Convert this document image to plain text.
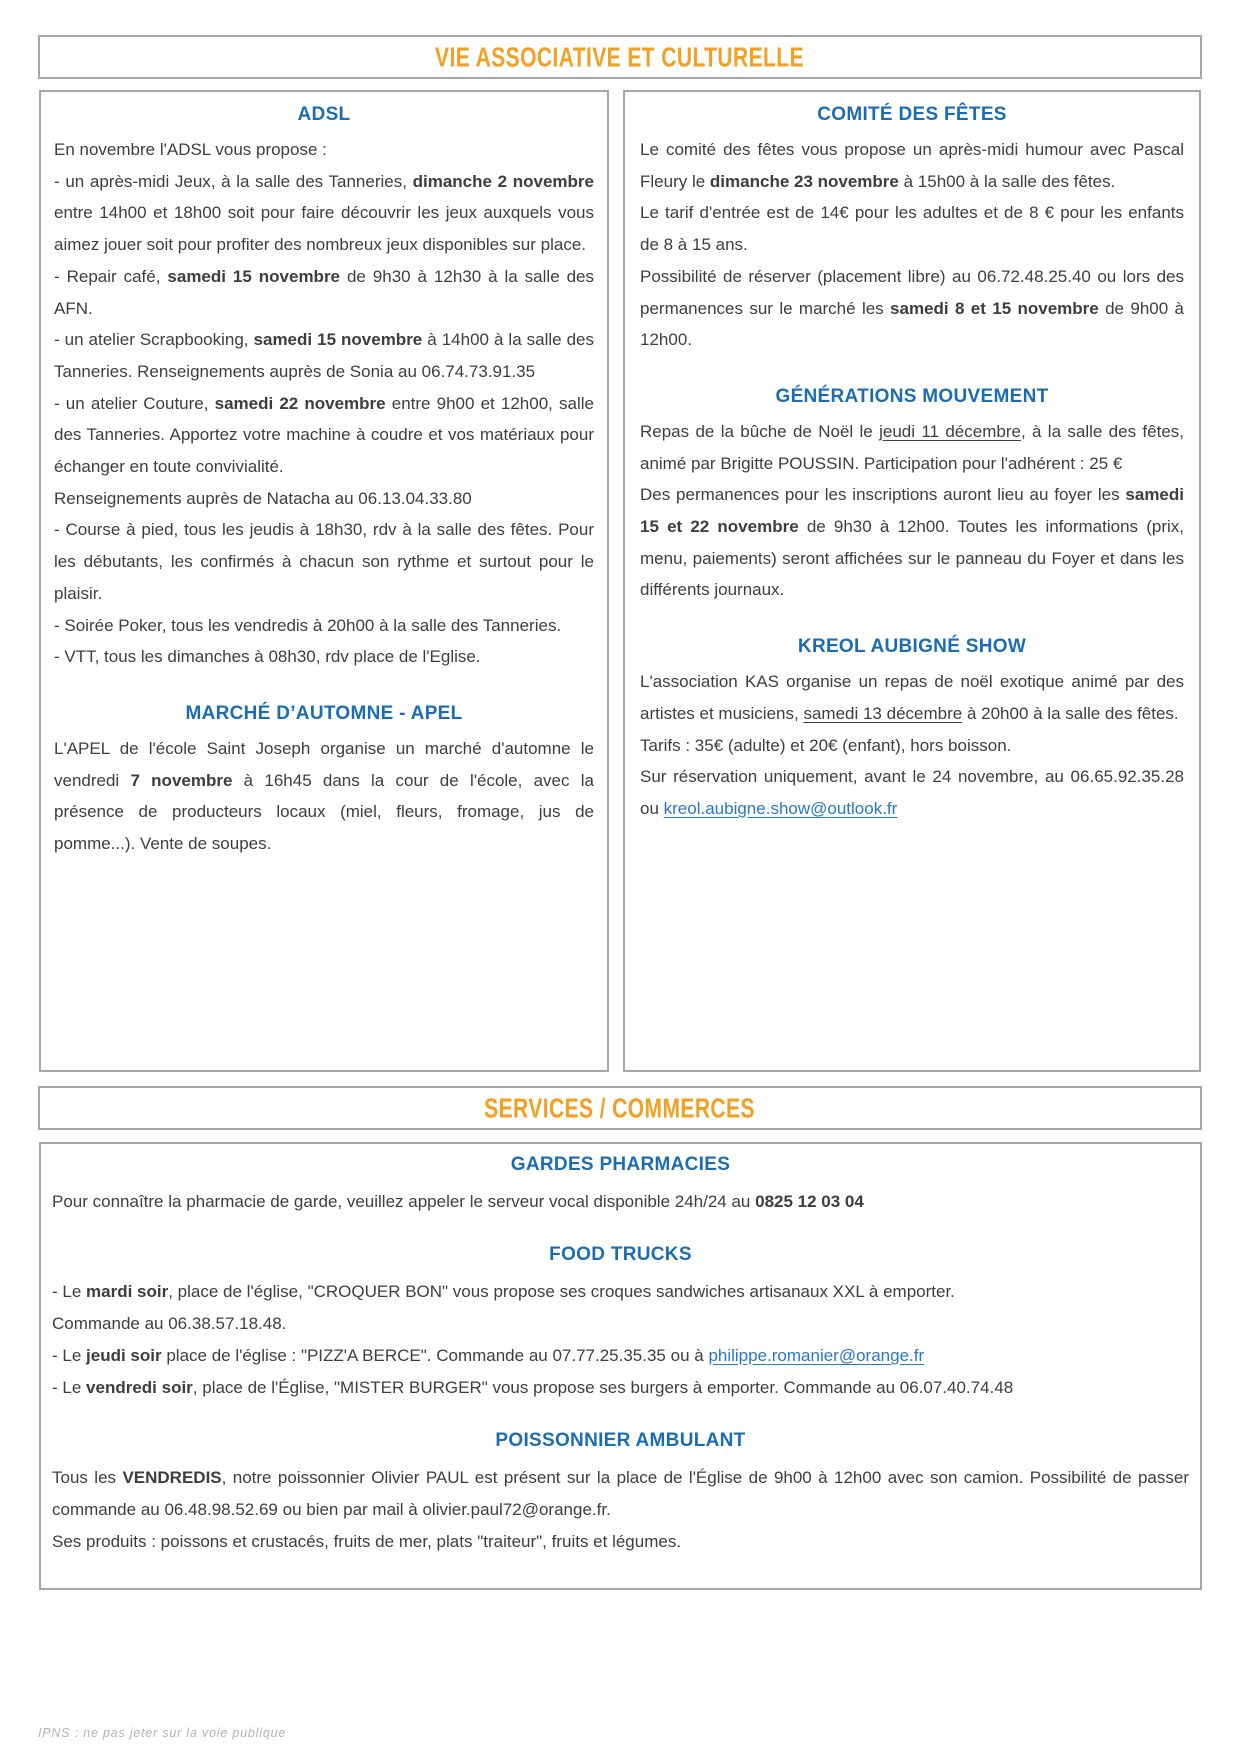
VIE ASSOCIATIVE ET CULTURELLE
ADSL
En novembre l'ADSL vous propose :
- un après-midi Jeux, à la salle des Tanneries, dimanche 2 novembre entre 14h00 et 18h00 soit pour faire découvrir les jeux auxquels vous aimez jouer soit pour profiter des nombreux jeux disponibles sur place.
- Repair café, samedi 15 novembre de 9h30 à 12h30 à la salle des AFN.
- un atelier Scrapbooking, samedi 15 novembre à 14h00 à la salle des Tanneries. Renseignements auprès de Sonia au 06.74.73.91.35
- un atelier Couture, samedi 22 novembre entre 9h00 et 12h00, salle des Tanneries. Apportez votre machine à coudre et vos matériaux pour échanger en toute convivialité.
Renseignements auprès de Natacha au 06.13.04.33.80
- Course à pied, tous les jeudis à 18h30, rdv à la salle des fêtes. Pour les débutants, les confirmés à chacun son rythme et surtout pour le plaisir.
- Soirée Poker, tous les vendredis à 20h00 à la salle des Tanneries.
- VTT, tous les dimanches à 08h30, rdv place de l'Eglise.
MARCHÉ D’AUTOMNE - APEL
L'APEL de l'école Saint Joseph organise un marché d'automne le vendredi 7 novembre à 16h45 dans la cour de l'école, avec la présence de producteurs locaux (miel, fleurs, fromage, jus de pomme...). Vente de soupes.
COMITÉ DES FÊTES
Le comité des fêtes vous propose un après-midi humour avec Pascal Fleury le dimanche 23 novembre à 15h00 à la salle des fêtes.
Le tarif d'entrée est de 14€ pour les adultes et de 8 € pour les enfants de 8 à 15 ans.
Possibilité de réserver (placement libre) au 06.72.48.25.40 ou lors des permanences sur le marché les samedi 8 et 15 novembre de 9h00 à 12h00.
GÉNÉRATIONS MOUVEMENT
Repas de la bûche de Noël le jeudi 11 décembre, à la salle des fêtes, animé par Brigitte POUSSIN. Participation pour l'adhérent : 25 €
Des permanences pour les inscriptions auront lieu au foyer les samedi 15 et 22 novembre de 9h30 à 12h00. Toutes les informations (prix, menu, paiements) seront affichées sur le panneau du Foyer et dans les différents journaux.
KREOL AUBIGNÉ SHOW
L'association KAS organise un repas de noël exotique animé par des artistes et musiciens, samedi 13 décembre à 20h00 à la salle des fêtes.
Tarifs : 35€ (adulte) et 20€ (enfant), hors boisson.
Sur réservation uniquement, avant le 24 novembre, au 06.65.92.35.28 ou kreol.aubigne.show@outlook.fr
SERVICES / COMMERCES
GARDES PHARMACIES
Pour connaître la pharmacie de garde, veuillez appeler le serveur vocal disponible 24h/24 au 0825 12 03 04
FOOD TRUCKS
- Le mardi soir, place de l'église, "CROQUER BON" vous propose ses croques sandwiches artisanaux XXL à emporter.
Commande au 06.38.57.18.48.
- Le jeudi soir place de l'église : "PIZZ'A BERCE". Commande au 07.77.25.35.35 ou à philippe.romanier@orange.fr
- Le vendredi soir, place de l'Église, "MISTER BURGER" vous propose ses burgers à emporter. Commande au 06.07.40.74.48
POISSONNIER AMBULANT
Tous les VENDREDIS, notre poissonnier Olivier PAUL est présent sur la place de l'Église de 9h00 à 12h00 avec son camion. Possibilité de passer commande au 06.48.98.52.69 ou bien par mail à olivier.paul72@orange.fr.
Ses produits : poissons et crustacés, fruits de mer, plats "traiteur", fruits et légumes.
IPNS : ne pas jeter sur la voie publique
